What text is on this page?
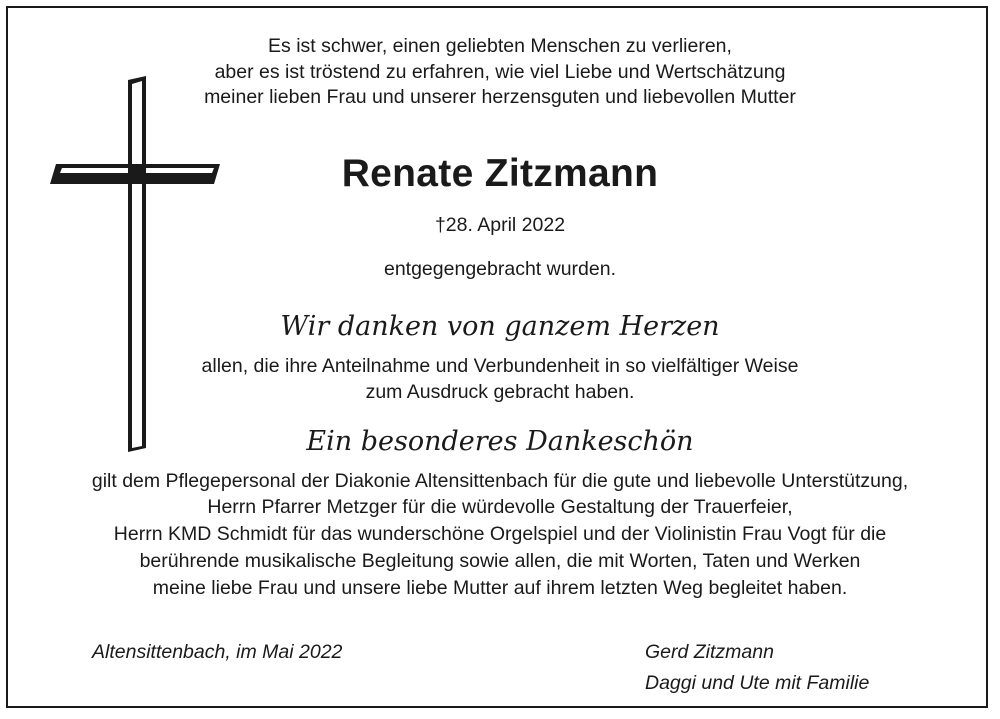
Es ist schwer, einen geliebten Menschen zu verlieren,
aber es ist tröstend zu erfahren, wie viel Liebe und Wertschätzung
meiner lieben Frau und unserer herzensguten und liebevollen Mutter
Renate Zitzmann
†28. April 2022
entgegengebracht wurden.
Wir danken von ganzem Herzen
allen, die ihre Anteilnahme und Verbundenheit in so vielfältiger Weise
zum Ausdruck gebracht haben.
Ein besonderes Dankeschön
gilt dem Pflegepersonal der Diakonie Altensittenbach für die gute und liebevolle Unterstützung,
Herrn Pfarrer Metzger für die würdevolle Gestaltung der Trauerfeier,
Herrn KMD Schmidt für das wunderschöne Orgelspiel und der Violinistin Frau Vogt für die
berührende musikalische Begleitung sowie allen, die mit Worten, Taten und Werken
meine liebe Frau und unsere liebe Mutter auf ihrem letzten Weg begleitet haben.
Altensittenbach, im Mai 2022	Gerd Zitzmann
Daggi und Ute mit Familie
